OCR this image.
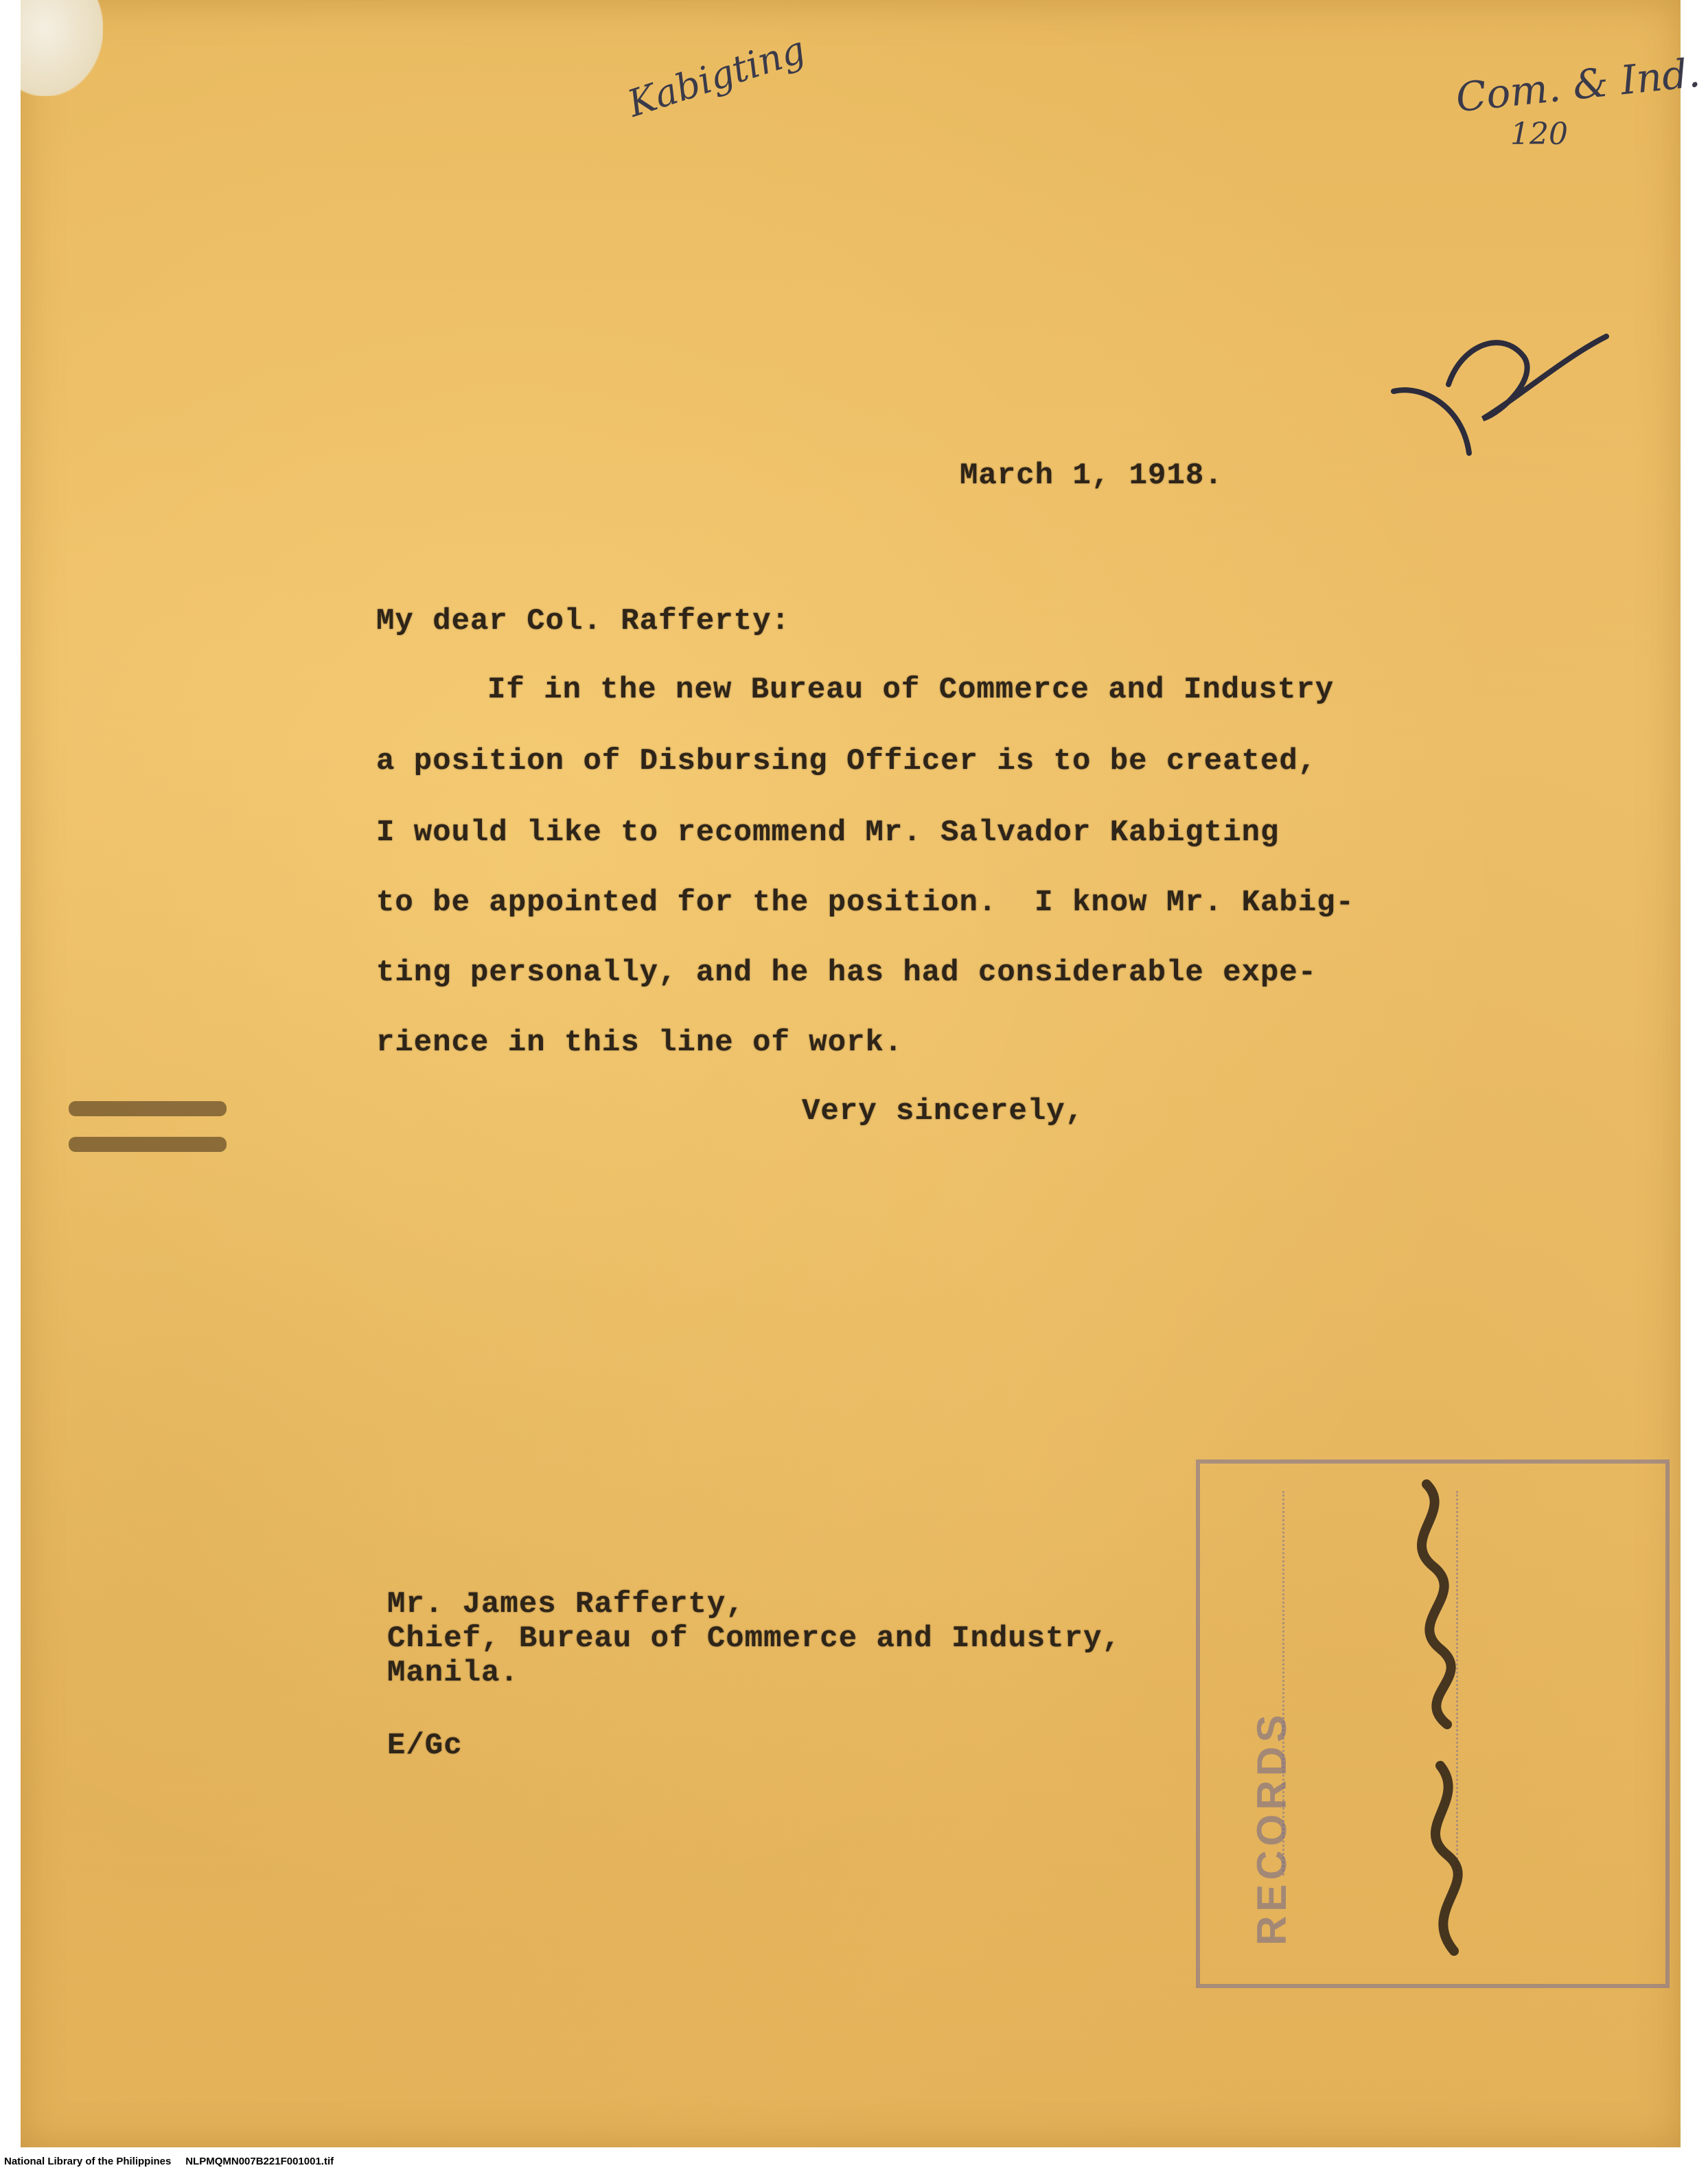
Kabigting	Com. & Ind.

120

March 1, 1918.

My dear Col. Rafferty:

If in the new Bureau of Commerce and Industry

a position of Disbursing Officer is to be created,

I would like to recommend Mr. Salvador Kabigting

to be appointed for the position.  I know Mr. Kabig-

ting personally, and he has had considerable expe-

rience in this line of work.

Very sincerely,

Mr. James Rafferty,

Chief, Bureau of Commerce and Industry,

Manila.

E/Gc	RECORDS
National Library of the Philippines     NLPMQMN007B221F001001.tif
